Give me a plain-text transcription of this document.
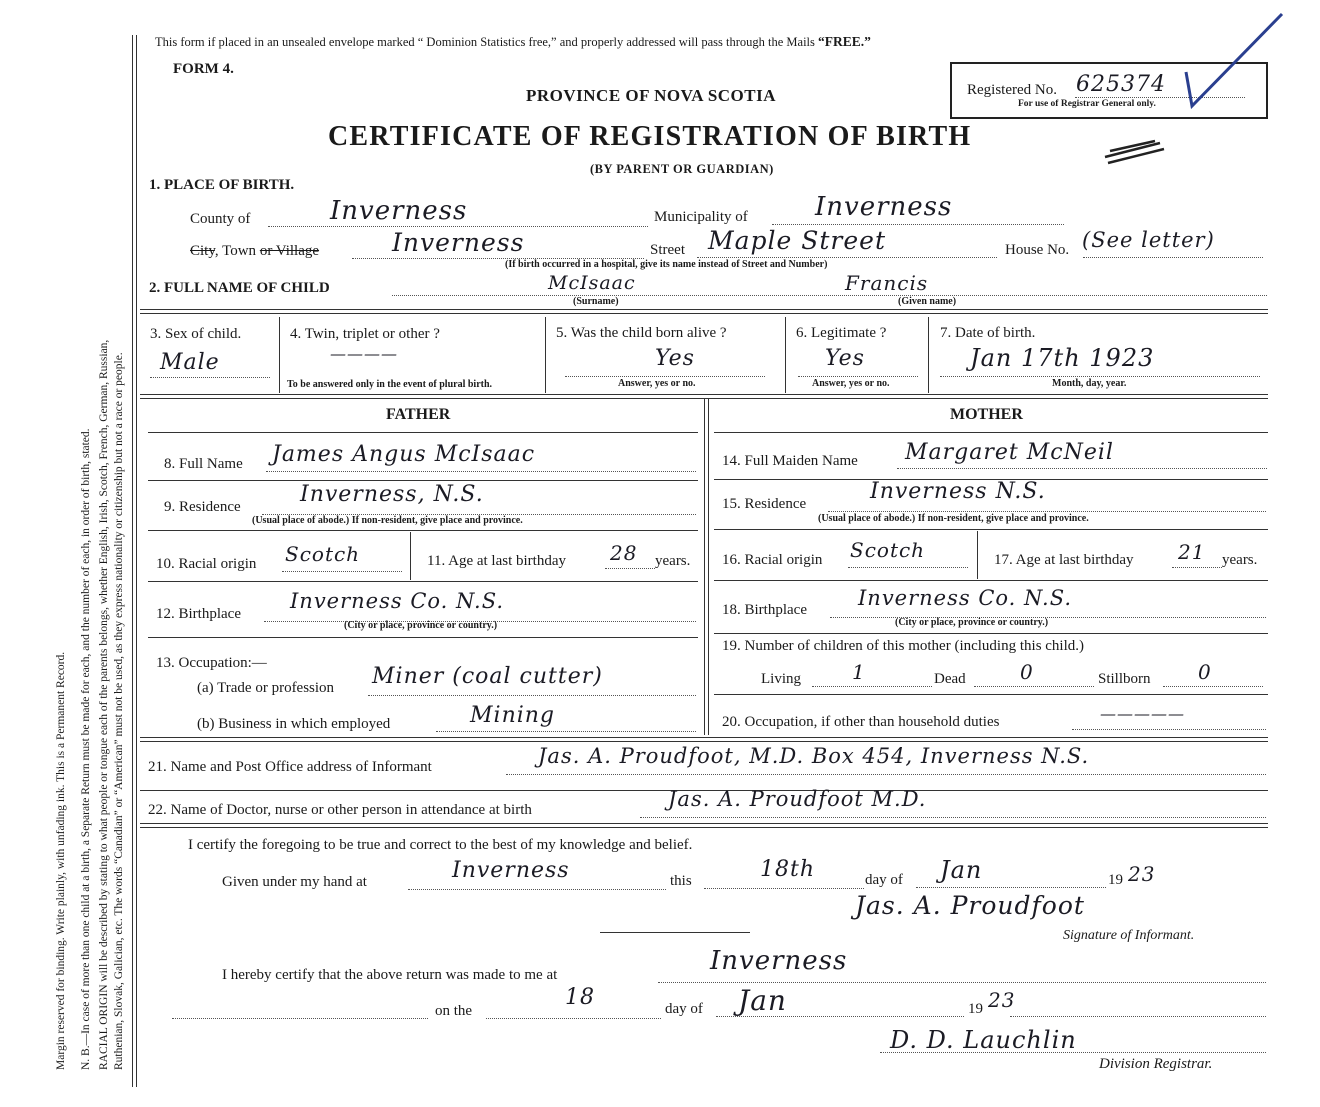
Margin reserved for binding. Write plainly, with unfading ink. This is a Permanent Record. N. B.—In case of more than one child at a birth, a Separate Return must be made for each, and the number of each, in order of birth, stated. RACIAL ORIGIN will be described by stating to what people or tongue each of the parents belongs, whether English, Irish, Scotch, French, German, Russian, Ruthenian, Slovak, Galician, etc. The words “Canadian” or “American” must not be used, as they express nationality or citizenship but not a race or people.
This form if placed in an unsealed envelope marked “ Dominion Statistics free,” and properly addressed will pass through the Mails “FREE.”
FORM 4.
PROVINCE OF NOVA SCOTIA	Registered No. 625374
For use of Registrar General only.
CERTIFICATE OF REGISTRATION OF BIRTH
(BY PARENT OR GUARDIAN)
1. PLACE OF BIRTH.
County of	Inverness	Municipality of	Inverness
City, Town or Village	Inverness	Street Maple Street	House No. (See letter)
(If birth occurred in a hospital, give its name instead of Street and Number)
2. FULL NAME OF CHILD	McIsaac	Francis
(Surname)	(Given name)
3. Sex of child.
Male
4. Twin, triplet or other ?
————
To be answered only in the event of plural birth.
5. Was the child born alive ?
Yes
Answer, yes or no.
6. Legitimate ?
Yes
Answer, yes or no.
7. Date of birth.
Jan 17th 1923
Month, day, year.
FATHER	MOTHER
8. Full Name James Angus McIsaac
9. Residence	Inverness, N.S.
(Usual place of abode.) If non-resident, give place and province.
10. Racial origin Scotch	11. Age at last birthday 28 years.
12. Birthplace
Inverness Co. N.S.
(City or place, province or country.)
13. Occupation:—
(a) Trade or profession Miner (coal cutter)
(b) Business in which employed	Mining
14. Full Maiden Name Margaret McNeil
15. Residence	Inverness N.S.
(Usual place of abode.) If non-resident, give place and province.
16. Racial origin Scotch	17. Age at last birthday 21 years.
18. Birthplace Inverness Co. N.S.
(City or place, province or country.)
19. Number of children of this mother (including this child.)
Living	1	Dead	0	Stillborn 0
20. Occupation, if other than household duties	—————
21. Name and Post Office address of Informant	Jas. A. Proudfoot, M.D. Box 454, Inverness N.S.
22. Name of Doctor, nurse or other person in attendance at birth	Jas. A. Proudfoot M.D.
I certify the foregoing to be true and correct to the best of my knowledge and belief.
Given under my hand at	Inverness	this	18th	day of Jan	19 23
Jas. A. Proudfoot
Signature of Informant.
I hereby certify that the above return was made to me at	Inverness
on the
18	day of Jan	19 23
D. D. Lauchlin
Division Registrar.
